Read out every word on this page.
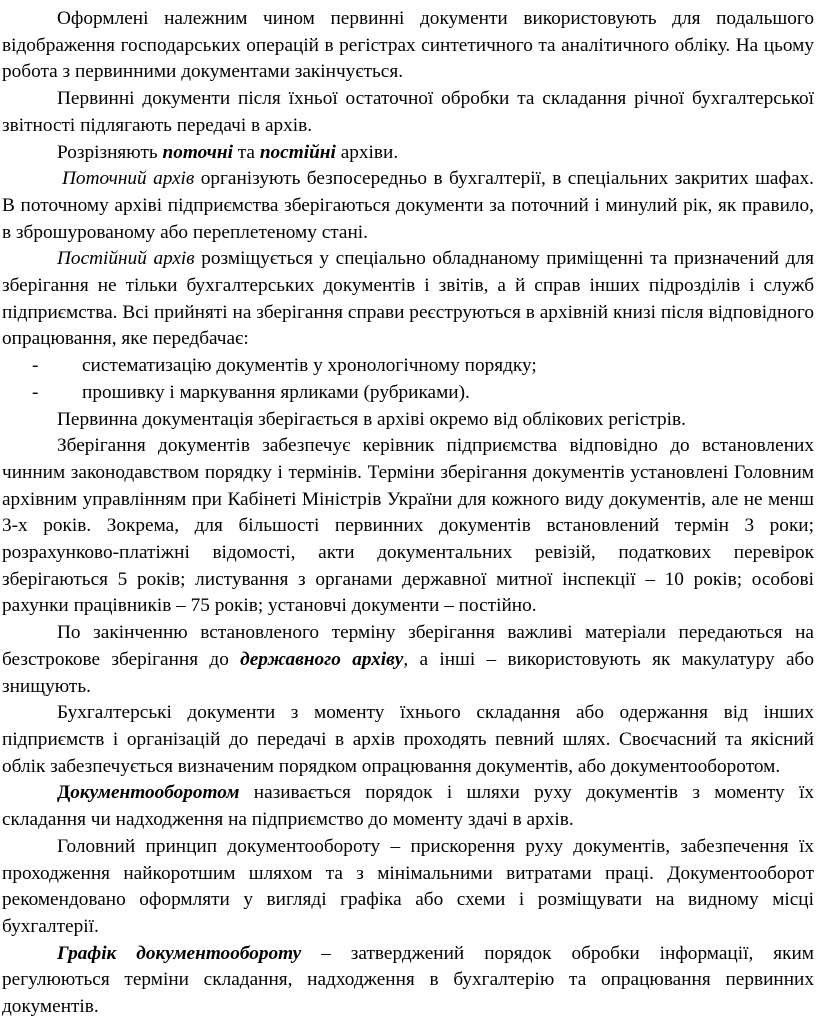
Оформлені належним чином первинні документи використовують для подальшого відображення господарських операцій в регістрах синтетичного та аналітичного обліку. На цьому робота з первинними документами закінчується.

Первинні документи після їхньої остаточної обробки та складання річної бухгалтерської звітності підлягають передачі в архів.

Розрізняють поточні та постійні архіви.

Поточний архів організують безпосередньо в бухгалтерії, в спеціальних закритих шафах. В поточному архіві підприємства зберігаються документи за поточний і минулий рік, як правило, в зброшурованому або переплетеному стані.

Постійний архів розміщується у спеціально обладнаному приміщенні та призначений для зберігання не тільки бухгалтерських документів і звітів, а й справ інших підрозділів і служб підприємства. Всі прийняті на зберігання справи реєструються в архівній книзі після відповідного опрацювання, яке передбачає:

-	систематизацію документів у хронологічному порядку;
-	прошивку і маркування ярликами (рубриками).

Первинна документація зберігається в архіві окремо від облікових регістрів.

Зберігання документів забезпечує керівник підприємства відповідно до встановлених чинним законодавством порядку і термінів. Терміни зберігання документів установлені Головним архівним управлінням при Кабінеті Міністрів України для кожного виду документів, але не менш 3-х років. Зокрема, для більшості первинних документів встановлений термін 3 роки; розрахунково-платіжні відомості, акти документальних ревізій, податкових перевірок зберігаються 5 років; листування з органами державної митної інспекції – 10 років; особові рахунки працівників – 75 років; установчі документи – постійно.

По закінченню встановленого терміну зберігання важливі матеріали передаються на безстрокове зберігання до державного архіву, а інші – використовують як макулатуру або знищують.

Бухгалтерські документи з моменту їхнього складання або одержання від інших підприємств і організацій до передачі в архів проходять певний шлях. Своєчасний та якісний облік забезпечується визначеним порядком опрацювання документів, або документооборотом.

Документооборотом називається порядок і шляхи руху документів з моменту їх складання чи надходження на підприємство до моменту здачі в архів.

Головний принцип документообороту – прискорення руху документів, забезпечення їх проходження найкоротшим шляхом та з мінімальними витратами праці. Документооборот рекомендовано оформляти у вигляді графіка або схеми і розміщувати на видному місці бухгалтерії.

Графік документообороту – затверджений порядок обробки інформації, яким регулюються терміни складання, надходження в бухгалтерію та опрацювання первинних документів.
